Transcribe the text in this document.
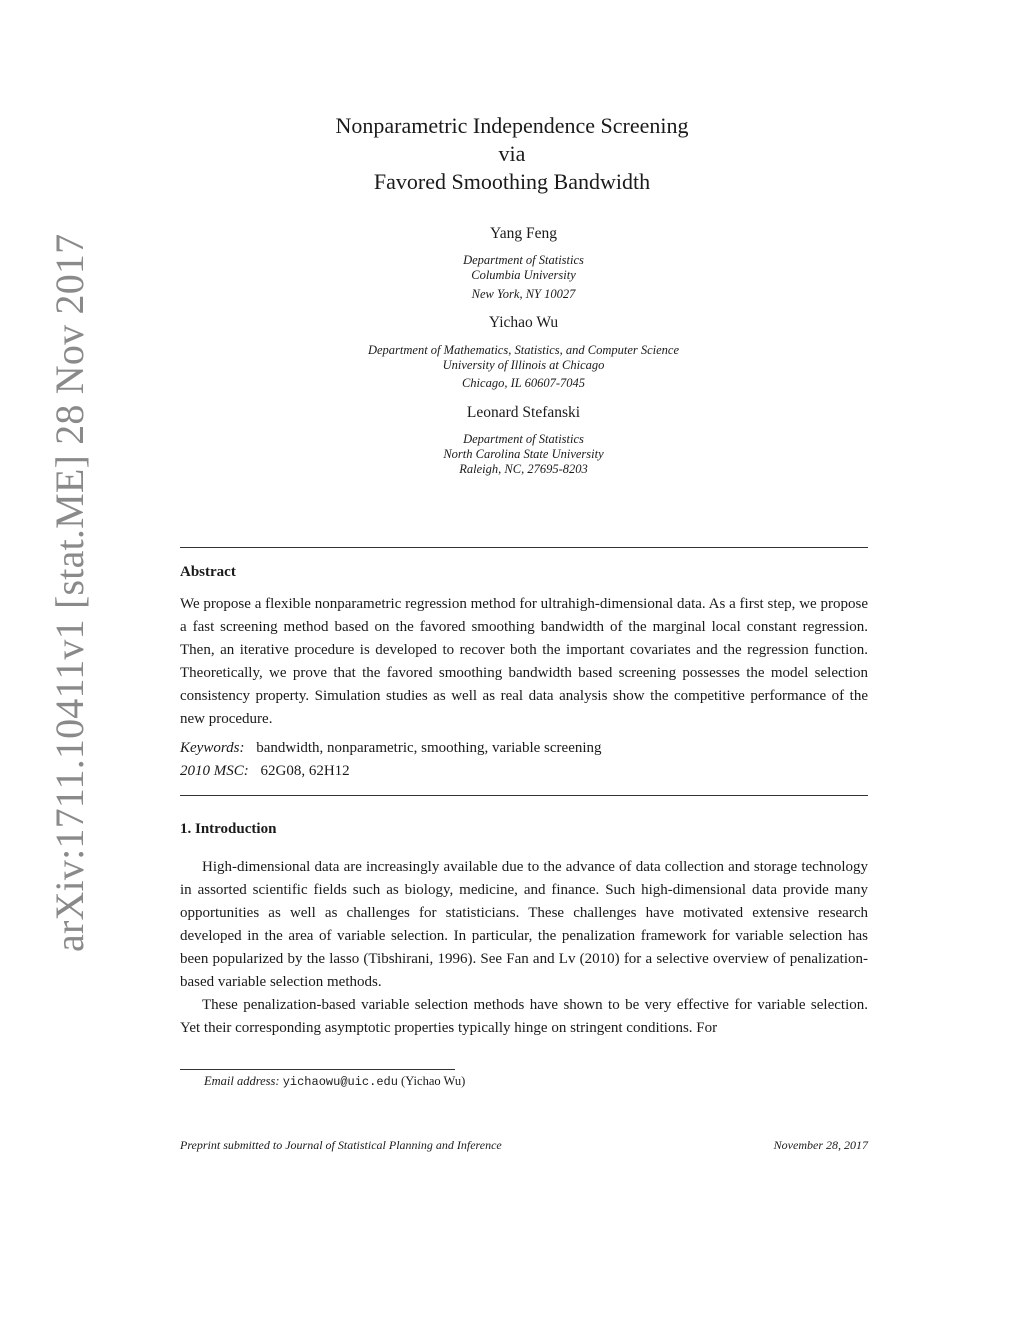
arXiv:1711.10411v1 [stat.ME] 28 Nov 2017
Nonparametric Independence Screening
via
Favored Smoothing Bandwidth
Yang Feng
Department of Statistics
Columbia University
New York, NY 10027
Yichao Wu
Department of Mathematics, Statistics, and Computer Science
University of Illinois at Chicago
Chicago, IL 60607-7045
Leonard Stefanski
Department of Statistics
North Carolina State University
Raleigh, NC, 27695-8203
Abstract
We propose a flexible nonparametric regression method for ultrahigh-dimensional data. As a first step, we propose a fast screening method based on the favored smoothing bandwidth of the marginal local constant regression. Then, an iterative procedure is developed to recover both the important covariates and the regression function. Theoretically, we prove that the favored smoothing bandwidth based screening possesses the model selection consistency property. Simulation studies as well as real data analysis show the competitive performance of the new procedure.
Keywords: bandwidth, nonparametric, smoothing, variable screening
2010 MSC: 62G08, 62H12
1. Introduction
High-dimensional data are increasingly available due to the advance of data collection and storage technology in assorted scientific fields such as biology, medicine, and finance. Such high-dimensional data provide many opportunities as well as challenges for statisticians. These challenges have motivated extensive research developed in the area of variable selection. In particular, the penalization framework for variable selection has been popularized by the lasso (Tibshirani, 1996). See Fan and Lv (2010) for a selective overview of penalization-based variable selection methods.
These penalization-based variable selection methods have shown to be very effective for variable selection. Yet their corresponding asymptotic properties typically hinge on stringent conditions. For
Email address: yichaowu@uic.edu (Yichao Wu)
Preprint submitted to Journal of Statistical Planning and Inference	November 28, 2017
